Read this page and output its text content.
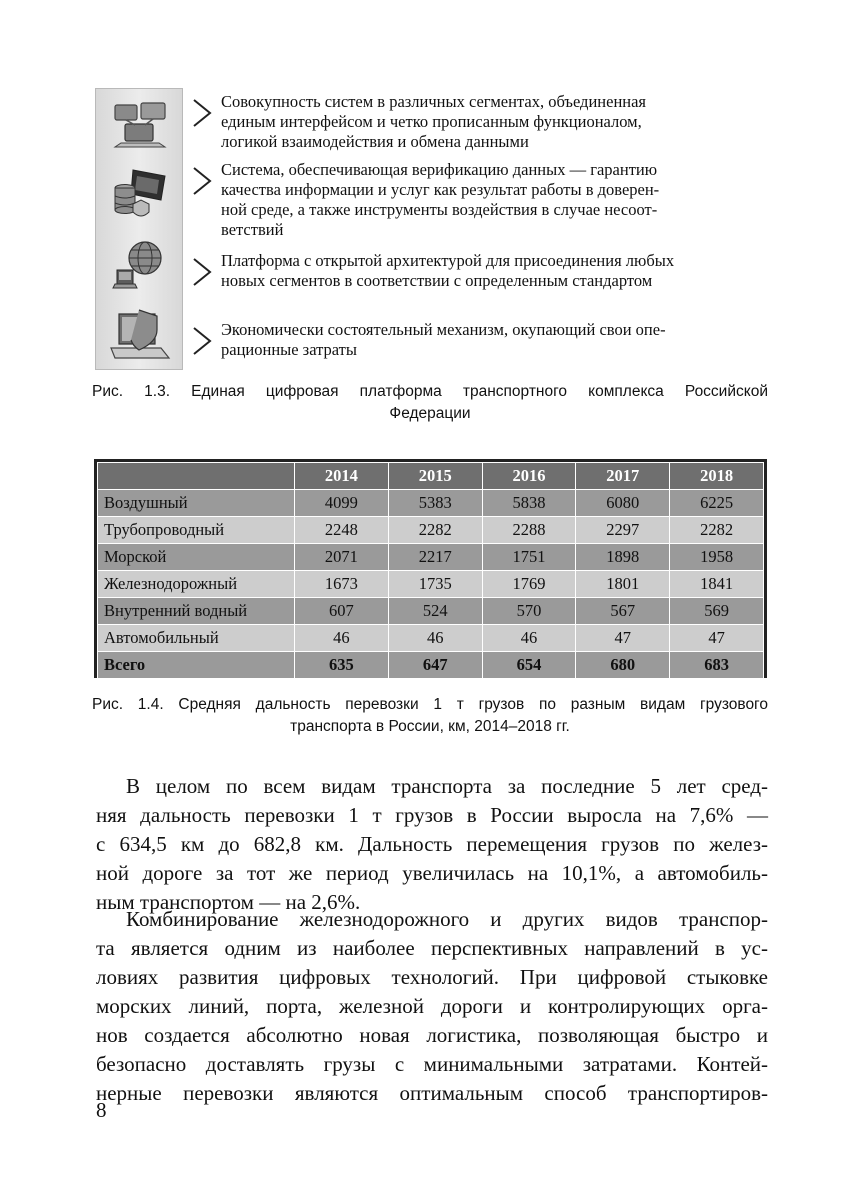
Совокупность систем в различных сегментах, объединенная
единым интерфейсом и четко прописанным функционалом,
логикой взаимодействия и обмена данными
Система, обеспечивающая верификацию данных — гарантию
качества информации и услуг как результат работы в доверен-
ной среде, а также инструменты воздействия в случае несоот-
ветствий
Платформа с открытой архитектурой для присоединения любых
новых сегментов в соответствии с определенным стандартом
Экономически состоятельный механизм, окупающий свои опе-
рационные затраты
Рис. 1.3. Единая цифровая платформа транспортного комплекса Российской
Федерации
	2014	2015	2016	2017	2018
Воздушный	4099	5383	5838	6080	6225
Трубопроводный	2248	2282	2288	2297	2282
Морской	2071	2217	1751	1898	1958
Железнодорожный	1673	1735	1769	1801	1841
Внутренний водный	607	524	570	567	569
Автомобильный	46	46	46	47	47
Всего	635	647	654	680	683
Рис. 1.4. Средняя дальность перевозки 1 т грузов по разным видам грузового
транспорта в России, км, 2014–2018 гг.
В целом по всем видам транспорта за последние 5 лет сред-
няя дальность перевозки 1 т грузов в России выросла на 7,6% —
с 634,5 км до 682,8 км. Дальность перемещения грузов по желез-
ной дороге за тот же период увеличилась на 10,1%, а автомобиль-
ным транспортом — на 2,6%.
Комбинирование железнодорожного и других видов транспор-
та является одним из наиболее перспективных направлений в ус-
ловиях развития цифровых технологий. При цифровой стыковке
морских линий, порта, железной дороги и контролирующих орга-
нов создается абсолютно новая логистика, позволяющая быстро и
безопасно доставлять грузы с минимальными затратами. Контей-
нерные перевозки являются оптимальным способ транспортиров-
8
